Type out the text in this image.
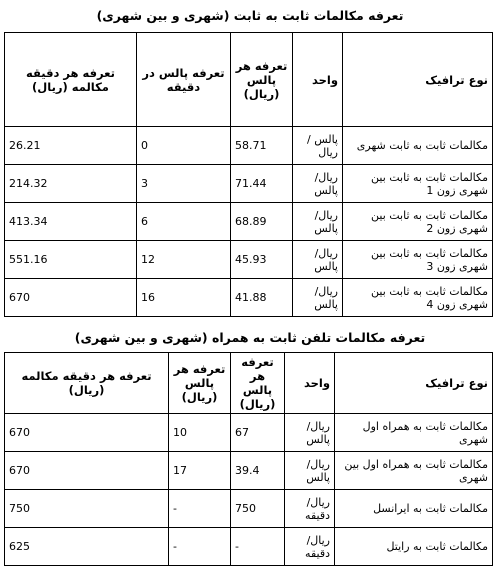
تعرفه مکالمات ثابت به ثابت (شهری و بین شهری)
نوع ترافیک	واحد	تعرفه هر پالس (ریال)	تعرفه پالس در دقیقه	تعرفه هر دقیقه مکالمه (ریال)
مکالمات ثابت به ثابت شهری	پالس /ریال	58.71	0	26.21
مکالمات ثابت به ثابت بین شهری زون 1	ریال/ پالس	71.44	3	214.32
مکالمات ثابت به ثابت بین شهری زون 2	ریال/ پالس	68.89	6	413.34
مکالمات ثابت به ثابت بین شهری زون 3	ریال/ پالس	45.93	12	551.16
مکالمات ثابت به ثابت بین شهری زون 4	ریال/ پالس	41.88	16	670
تعرفه مکالمات تلفن ثابت به همراه (شهری و بین شهری)
نوع ترافیک	واحد	تعرفه هر پالس (ریال)	تعرفه هر پالس (ریال)	تعرفه هر دقیقه مکالمه (ریال)
مکالمات ثابت به همراه اول شهری	ریال/ پالس	67	10	670
مکالمات ثابت به همراه اول بین شهری	ریال/ پالس	39.4	17	670
مکالمات ثابت به ایرانسل	ریال/ دقیقه	750	-	750
مکالمات ثابت به رایتل	ریال/ دقیقه	-	-	625
